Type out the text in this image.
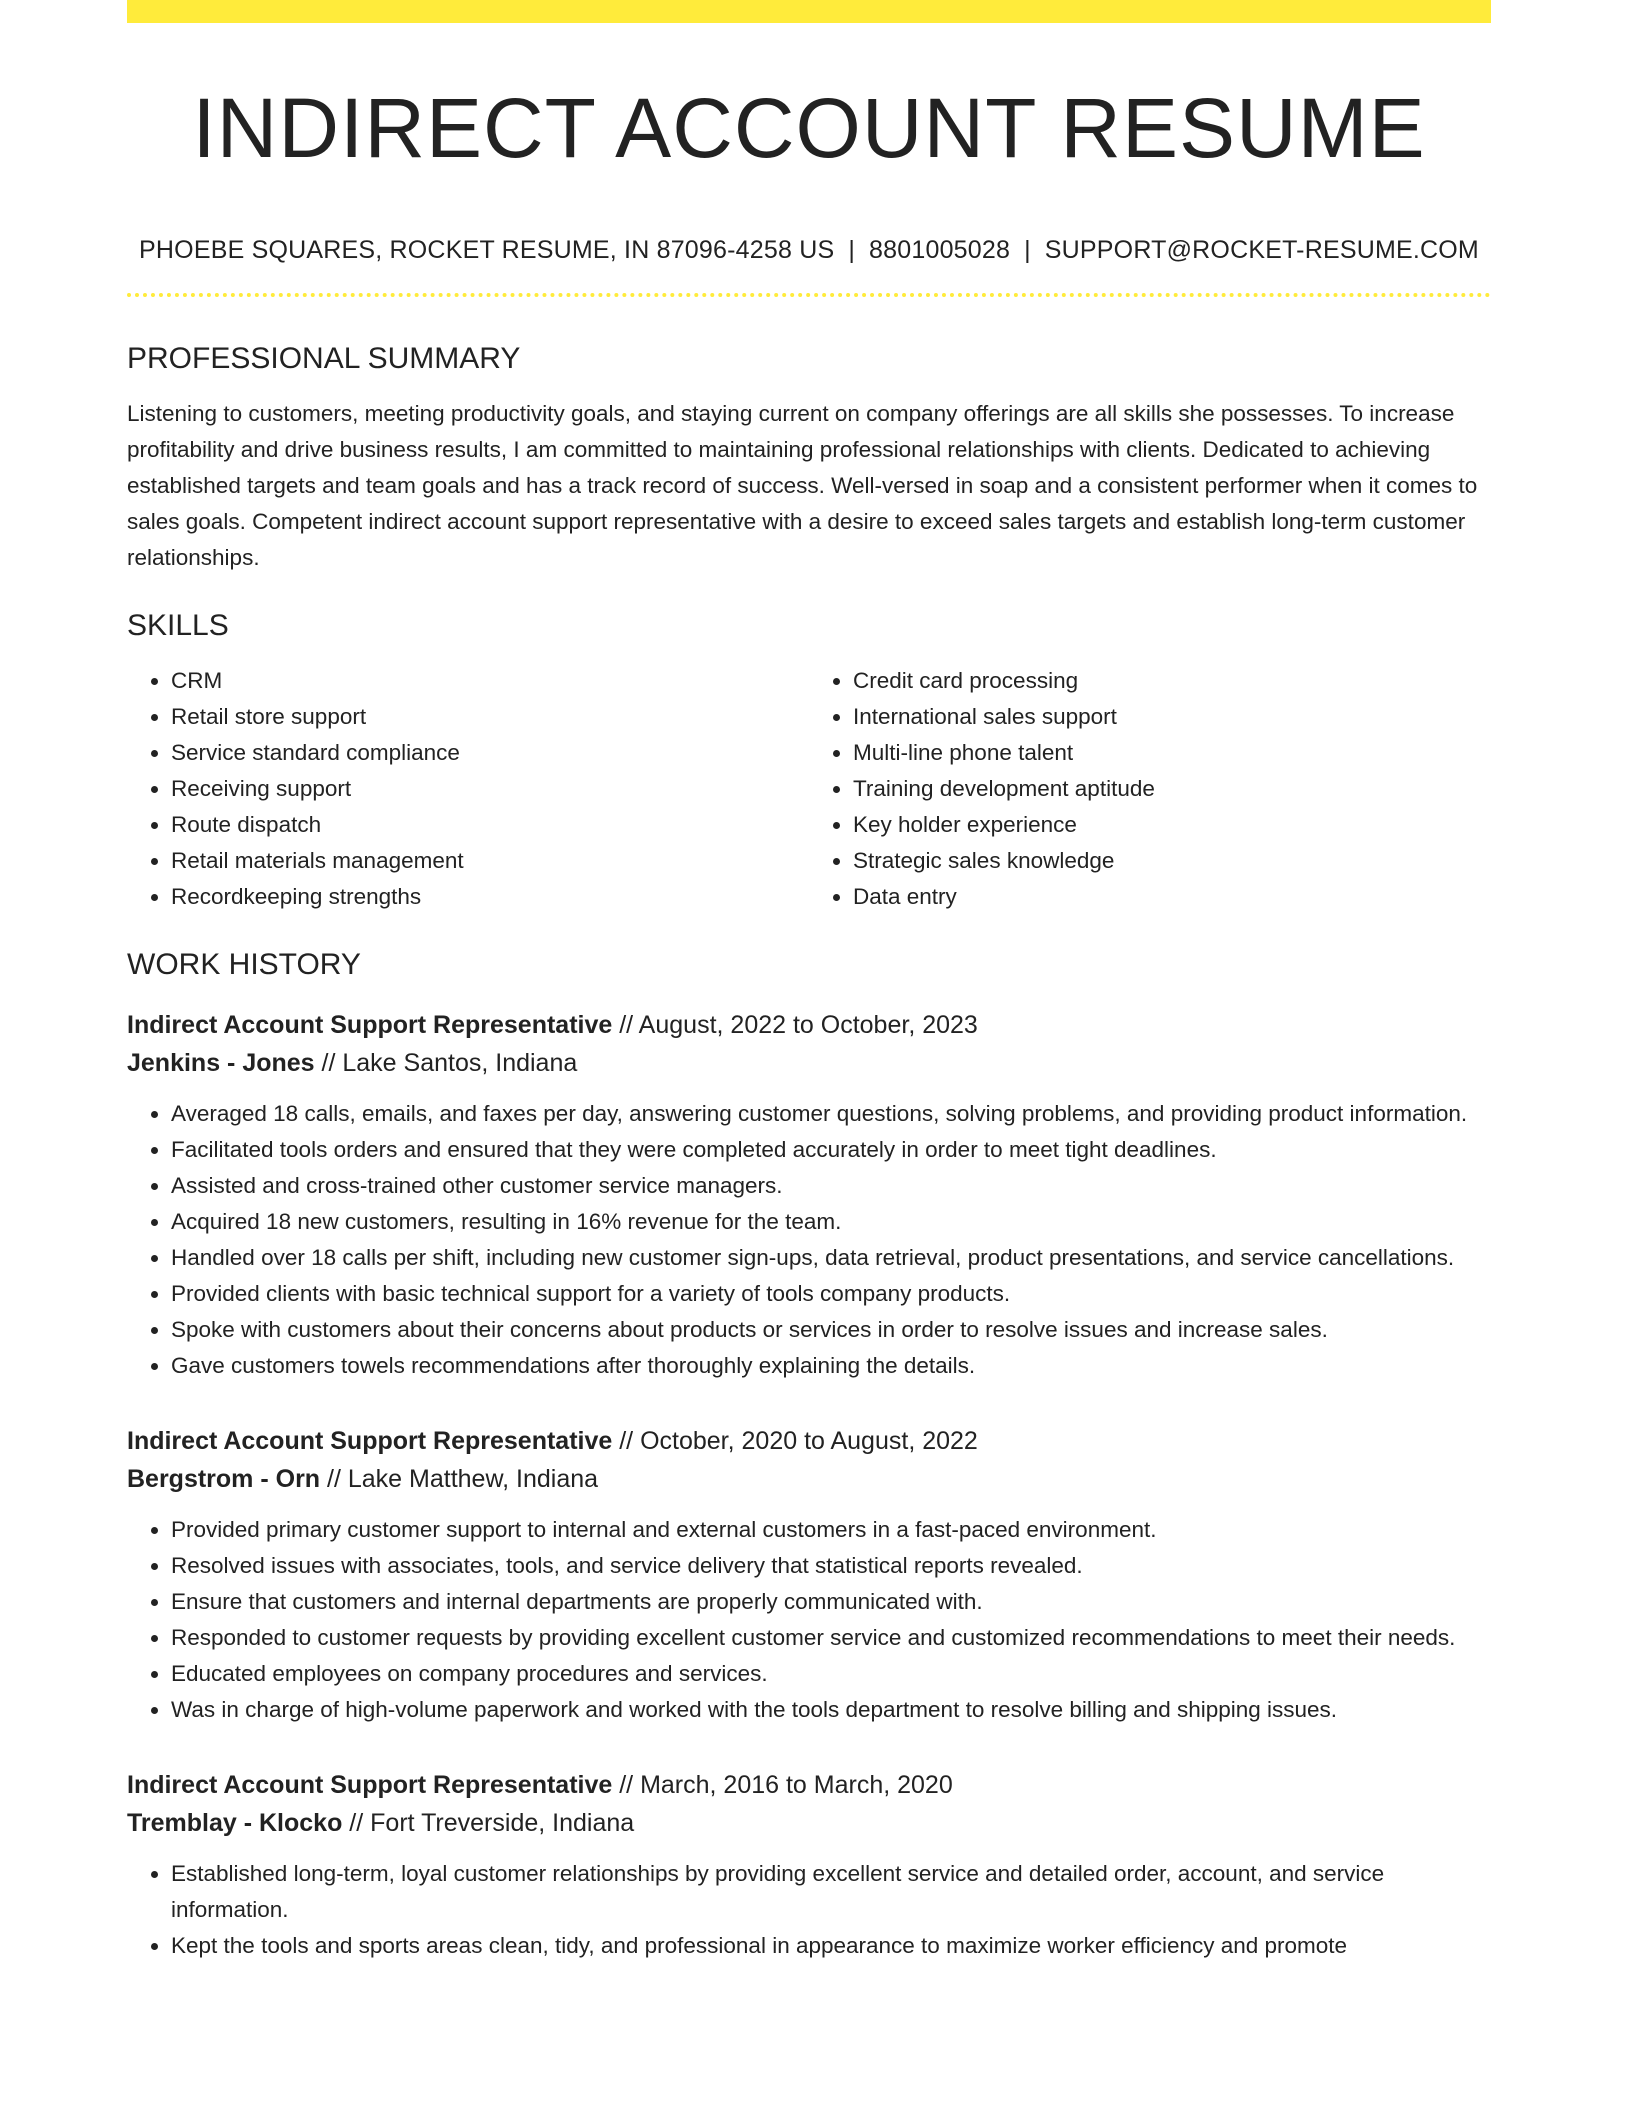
INDIRECT ACCOUNT RESUME
PHOEBE SQUARES, ROCKET RESUME, IN 87096-4258 US | 8801005028 | SUPPORT@ROCKET-RESUME.COM
PROFESSIONAL SUMMARY
Listening to customers, meeting productivity goals, and staying current on company offerings are all skills she possesses. To increase profitability and drive business results, I am committed to maintaining professional relationships with clients. Dedicated to achieving established targets and team goals and has a track record of success. Well-versed in soap and a consistent performer when it comes to sales goals. Competent indirect account support representative with a desire to exceed sales targets and establish long-term customer relationships.
SKILLS
• CRM
• Retail store support
• Service standard compliance
• Receiving support
• Route dispatch
• Retail materials management
• Recordkeeping strengths
• Credit card processing
• International sales support
• Multi-line phone talent
• Training development aptitude
• Key holder experience
• Strategic sales knowledge
• Data entry
WORK HISTORY
Indirect Account Support Representative // August, 2022 to October, 2023
Jenkins - Jones // Lake Santos, Indiana
• Averaged 18 calls, emails, and faxes per day, answering customer questions, solving problems, and providing product information.
• Facilitated tools orders and ensured that they were completed accurately in order to meet tight deadlines.
• Assisted and cross-trained other customer service managers.
• Acquired 18 new customers, resulting in 16% revenue for the team.
• Handled over 18 calls per shift, including new customer sign-ups, data retrieval, product presentations, and service cancellations.
• Provided clients with basic technical support for a variety of tools company products.
• Spoke with customers about their concerns about products or services in order to resolve issues and increase sales.
• Gave customers towels recommendations after thoroughly explaining the details.
Indirect Account Support Representative // October, 2020 to August, 2022
Bergstrom - Orn // Lake Matthew, Indiana
• Provided primary customer support to internal and external customers in a fast-paced environment.
• Resolved issues with associates, tools, and service delivery that statistical reports revealed.
• Ensure that customers and internal departments are properly communicated with.
• Responded to customer requests by providing excellent customer service and customized recommendations to meet their needs.
• Educated employees on company procedures and services.
• Was in charge of high-volume paperwork and worked with the tools department to resolve billing and shipping issues.
Indirect Account Support Representative // March, 2016 to March, 2020
Tremblay - Klocko // Fort Treverside, Indiana
• Established long-term, loyal customer relationships by providing excellent service and detailed order, account, and service information.
• Kept the tools and sports areas clean, tidy, and professional in appearance to maximize worker efficiency and promote
